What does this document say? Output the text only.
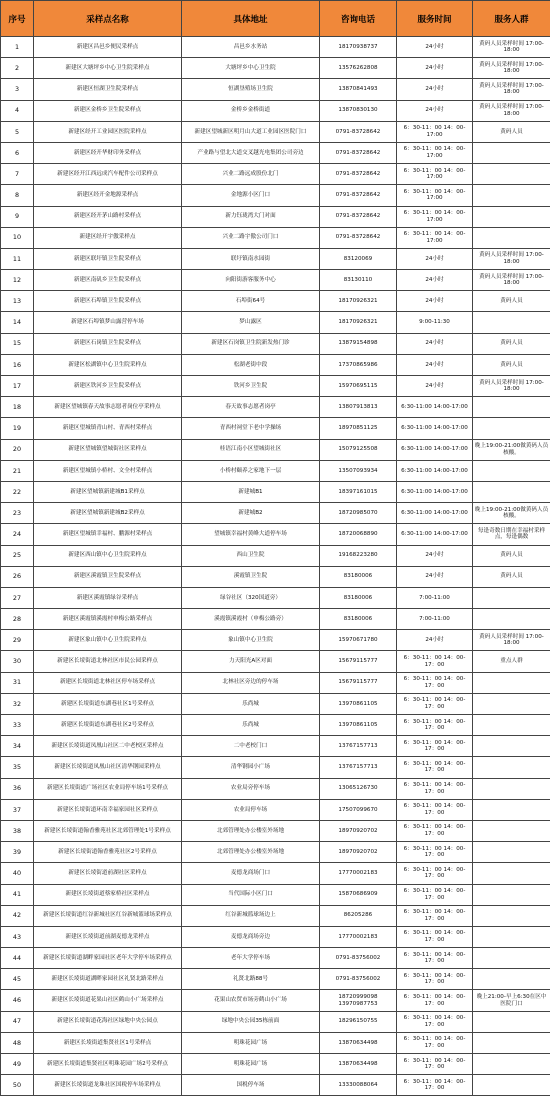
序号	采样点名称	具体地址	咨询电话	服务时间	服务人群
1	新建区昌邑乡便民采样点	昌邑乡水务站	18170938737	24小时	黄码人员采样时间 17:00-18:00
2	新建区大塘坪乡中心卫生院采样点	大塘坪乡中心卫生院	13576262808	24小时	黄码人员采样时间 17:00-18:00
3	新建区恒湖卫生院采样点	恒湖垦殖场卫生院	13870841493	24小时	黄码人员采样时间 17:00-18:00
4	新建区金桥乡卫生院采样点	金桥乡金桥街道	13870830130	24小时	黄码人员采样时间 17:00-18:00
5	新建区经开工业园区医院采样点	新建区望城新区明月山大道工业园区医院门口	0791-83728642	6：30-11：00 14：00-17:00	黄码人员
6	新建区经开华财印务采样点	产业路与望北大道交叉越光电集团公司旁边	0791-83728642	6：30-11：00 14：00-17:00	
7	新建区经开江西远成汽车配件公司采样点	兴业二路远成股份北门	0791-83728642	6：30-11：00 14：00-17:00	
8	新建区经开金地源采样点	金地源小区门口	0791-83728642	6：30-11：00 14：00-17:00	
9	新建区经开茅山路村采样点	新力钰珑湾大门对面	0791-83728642	6：30-11：00 14：00-17:00	
10	新建区经开宇傲采样点	兴业二路宇傲公司门口	0791-83728642	6：30-11：00 14：00-17:00	
11	新建区联圩镇卫生院采样点	联圩镇南水园街	83120069	24小时	黄码人员采样时间 17:00-18:00
12	新建区南矶乡卫生院采样点	向阳街游客服务中心	83130110	24小时	黄码人员采样时间 17:00-18:00
13	新建区石埠镇卫生院采样点	石埠街64号	18170926321	24小时	黄码人员
14	新建区石埠镇梦山露营停车场	梦山露区	18170926321	9:00-11:30	
15	新建区石岗镇卫生院采样点	新建区石岗镇卫生院新发热门诊	13879154898	24小时	黄码人员
16	新建区松湖镇中心卫生院采样点	松湖老街中段	17370865986	24小时	黄码人员
17	新建区铁河乡卫生院采样点	铁河乡卫生院	15970695115	24小时	黄码人员采样时间 17:00-18:00
18	新建区望城镇春天故事志愿者岗位亭采样点	春天故事志愿者岗亭	13807913813	6:30-11:00 14:00-17:00	
19	新建区望城镇青山村、青西村采样点	青西村祠堂下老中学操场	18970851125	6:30-11:00 14:00-17:00	
20	新建区望城镇望城街社区采样点	桂语江南小区望城街社区	15079125508	6:30-11:00 14:00-17:00	晚上19:00-21:00做黄码人员核酸。
21	新建区望城镇小桥村、文全村采样点	小桥村颐养之家地下一层	13507093934	6:30-11:00 14:00-17:00	
22	新建区望城镇新建城B1采样点	新建城B1	18397161015	6:30-11:00 14:00-17:00	
23	新建区望城镇新建城B2采样点	新建城B2	18720985070	6:30-11:00 14:00-17:00	晚上19:00-21:00做黄码人员核酸。
24	新建区望城镇幸福村、鹏源村采样点	望城镇幸福村黄峰大道停车场	18720068890	6:30-11:00 14:00-17:00	每逢奇数日期在幸福村采样点，每逢偶数
25	新建区西山镇中心卫生院采样点	西山卫生院	19168223280	24小时	黄码人员
26	新建区溪霞镇卫生院采样点	溪霞镇卫生院	83180006	24小时	黄码人员
27	新建区溪霞镇绿谷采样点	绿谷社区（320国道旁）	83180006	7:00-11:00	
28	新建区溪霞镇溪霞村申梅公路采样点	溪霞镇溪霞村（申梅公路旁）	83180006	7:00-11:00	
29	新建区象山镇中心卫生院采样点	象山镇中心卫生院	15970671780	24小时	黄码人员采样时间 17:00-18:00
30	新建区长堎街道北林社区市民公园采样点	力天阳光A区对面	15679115777	6：30-11：00 14：00-17：00	重点人群
31	新建区长堎街道北林社区停车场采样点	北林社区旁边的停车场	15679115777	6：30-11：00 14：00-17：00	
32	新建区长堎街道东湖巷社区1号采样点	乐尚城	13970861105	6：30-11：00 14：00-17：00	
33	新建区长堎街道东湖巷社区2号采样点	乐尚城	13970861105	6：30-11：00 14：00-17：00	
34	新建区长堎街道凤凰山社区二中老校区采样点	二中老校门口	13767157713	6：30-11：00 14：00-17：00	
35	新建区长堎街道凤凰山社区清华钢园采样点	清华钢园小广场	13767157713	6：30-11：00 14：00-17：00	
36	新建区长堎街道广场社区农业局停车场1号采样点	农业局旁停车场	13065126730	6：30-11：00 14：00-17：00	
37	新建区长堎街道环南幸福家园社区采样点	农业局停车场	17507099670	6：30-11：00 14：00-17：00	
38	新建区长堎街道翰香雅苑社区北郊管理处1号采样点	北郊管理处办公楼室外场地	18970920702	6：30-11：00 14：00-17：00	
39	新建区长堎街道翰香雅苑社区2号采样点	北郊管理处办公楼室外场地	18970920702	6：30-11：00 14：00-17：00	
40	新建区长堎街道前湖社区采样点	麦德龙商场门口	17770002183	6：30-11：00 14：00-17：00	
41	新建区长堎街道蔡家桥社区采样点	当代国际小区门口	15870686909	6：30-11：00 14：00-17：00	
42	新建区长堎街道红谷新城社区红谷新城篮球场采样点	红谷新城篮球场边上	86205286	6：30-11：00 14：00-17：00	
43	新建区长堎街道前湖麦德龙采样点	麦德龙商场旁边	17770002183	6：30-11：00 14：00-17：00	
44	新建区长堎街道湖畔家园社区老年大学停车场采样点	老年大学停车场	0791-83756002	6：30-11：00 14：00-17：00	
45	新建区长堎街道湖畔家园社区礼贤北路采样点	礼贤北路88号	0791-83756002	6：30-11：00 14：00-17：00	
46	新建区长堎街道花果山社区鹤山小广场采样点	花果山农贸市场旁鹤山小广场	18720999098 13970987753	6：30-11：00 14：00-17：00	晚上21:00-早上6:30在区中医院门口
47	新建区长堎街道花海社区绿地中央公园点	绿地中央公园35栋前面	18296150755	6：30-11：00 14：00-17：00	
48	新建区长堎街道集贤社区1号采样点	明珠花园广场	13870634498	6：30-11：00 14：00-17：00	
49	新建区长堎街道集贤社区明珠花园广场2号采样点	明珠花园广场	13870634498	6：30-11：00 14：00-17：00	
50	新建区长堎街道龙珠社区国税停车场采样点	国税停车场	13330088064	6：30-11：00 14：00-17：00	
